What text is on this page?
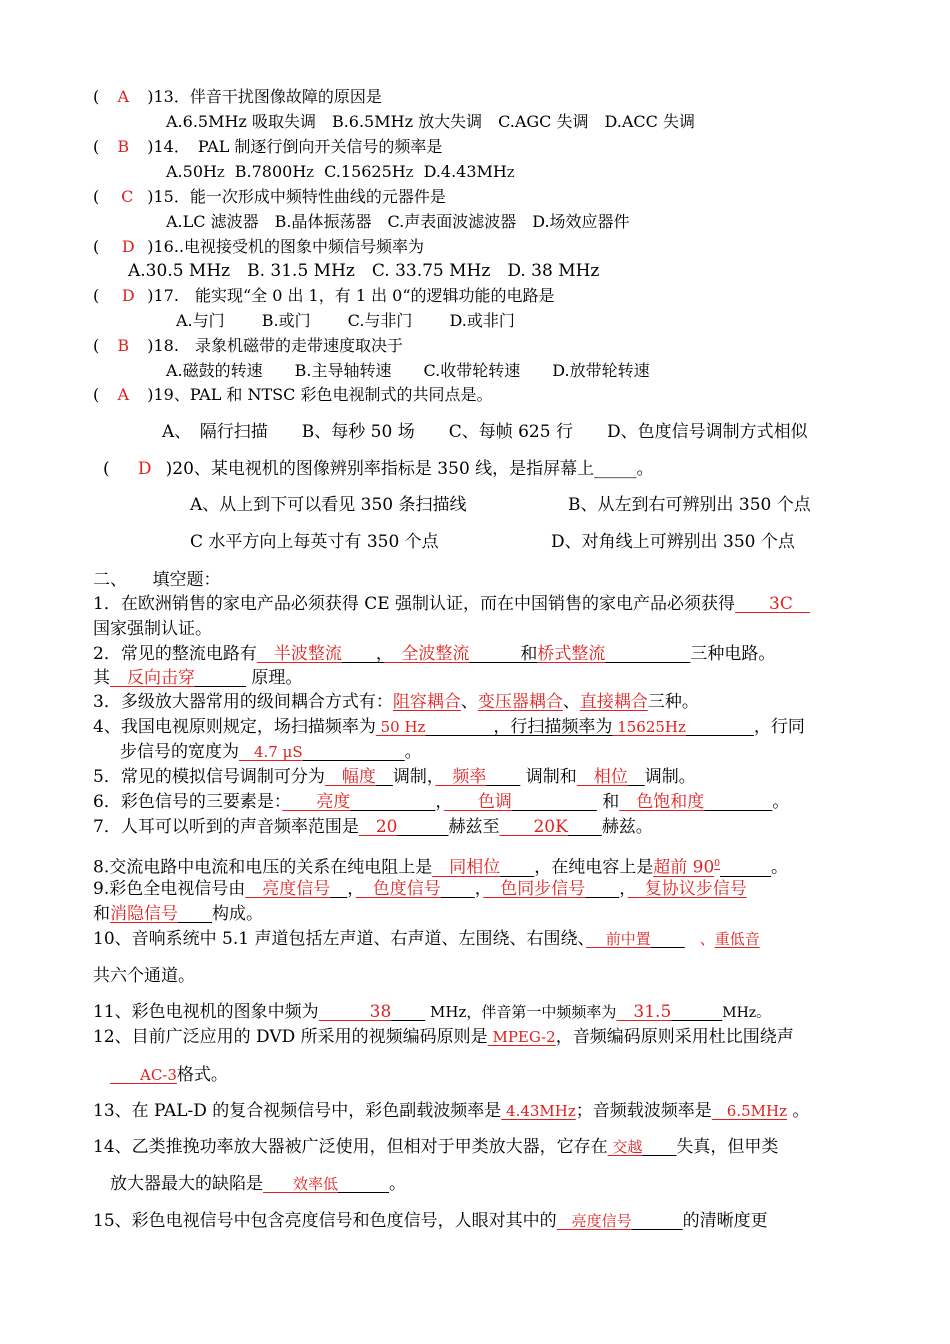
( A )13．伴音干扰图像故障的原因是
A.6.5MHz 吸取失调　B.6.5MHz 放大失调　C.AGC 失调　D.ACC 失调
( B )14．　PAL 制逐行倒向开关信号的频率是
A.50HZ B.7800HZ C.15625HZ D.4.43MHZ
( C )15．能一次形成中频特性曲线的元器件是
A.LC 滤波器　B.晶体振荡器　C.声表面波滤波器　D.场效应器件
( D )16..电视接受机的图象中频信号频率为
A.30.5 MHz　B. 31.5 MHz　C. 33.75 MHz　D. 38 MHz
( D )17.　能实现“全 0 出 1，有 1 出 0“的逻辑功能的电路是
A.与门　　 B.或门　　 C.与非门　　 D.或非门
( B )18.　录象机磁带的走带速度取决于
A.磁鼓的转速　　B.主导轴转速　　C.收带轮转速　　D.放带轮转速
( A )19、PAL 和 NTSC 彩色电视制式的共同点是。
A、　隔行扫描　　B、每秒 50 场　　C、每帧 625 行　　D、色度信号调制方式相似
( D )20、某电视机的图像辨别率指标是 350 线，是指屏幕上_____。
A、从上到下可以看见 350 条扫描线	B、从左到右可辨别出 350 个点
C 水平方向上每英寸有 350 个点	D、对角线上可辨别出 350 个点
二、　　填空题：
1．在欧洲销售的家电产品必须获得 CE 强制认证，而在中国销售的家电产品必须获得　　3C　
国家强制认证。
2．常见的整流电路有　半波整流　　，　全波整流　　　和桥式整流　　　　　	三种电路。
其　反向击穿　　　	原理。
3．多级放大器常用的级间耦合方式有：阻容耦合、变压器耦合、直接耦合三种。
4、我国电视原则规定，场扫描频率为 50 Hz　　　　，行扫描频率为 15625Hz　　　　	，行同
步信号的宽度为　4.7 μS　　　　　　	。
5．常见的模拟信号调制可分为　幅度　 调制，　频率　　 调制和　相位　 调制。
6．彩色信号的三要素是：　　亮度　　　　　	，　　色调　　　　　	和　色饱和度　　　　	。
7．人耳可以听到的声音频率范围是　20　　　	赫兹至　　20K　　 赫兹。
8.交流电路中电流和电压的关系在纯电阻上是　同相位　　 ，在纯电容上是超前 $90^0$　　　	。
9.彩色全电视信号由　亮度信号　 ，　色度信号　　 ，　色同步信号　　 ，　复协议步信号
和消隐信号　　 构成。
10、音响系统中 5.1 声道包括左声道、右声道、左围绕、右围绕、　 前中置　　　、重低音
共六个通道。
11、彩色电视机的图象中频为　　　38　　 MHz，伴音第一中频频率为　31.5　　　	MHz。
12、目前广泛应用的 DVD 所采用的视频编码原则是 MPEG-2，音频编码原则采用杜比围绕声
　　AC-3格式。
13、在 PAL-D 的复合视频信号中，彩色副载波频率是 4.43MHz；音频载波频率是　6.5MHz 。
14、乙类推挽功率放大器被广泛使用，但相对于甲类放大器，它存在 交越　　 失真，但甲类
放大器最大的缺陷是　　效率低　　　	。
15、彩色电视信号中包含亮度信号和色度信号，人眼对其中的　亮度信号　　　	的清晰度更
